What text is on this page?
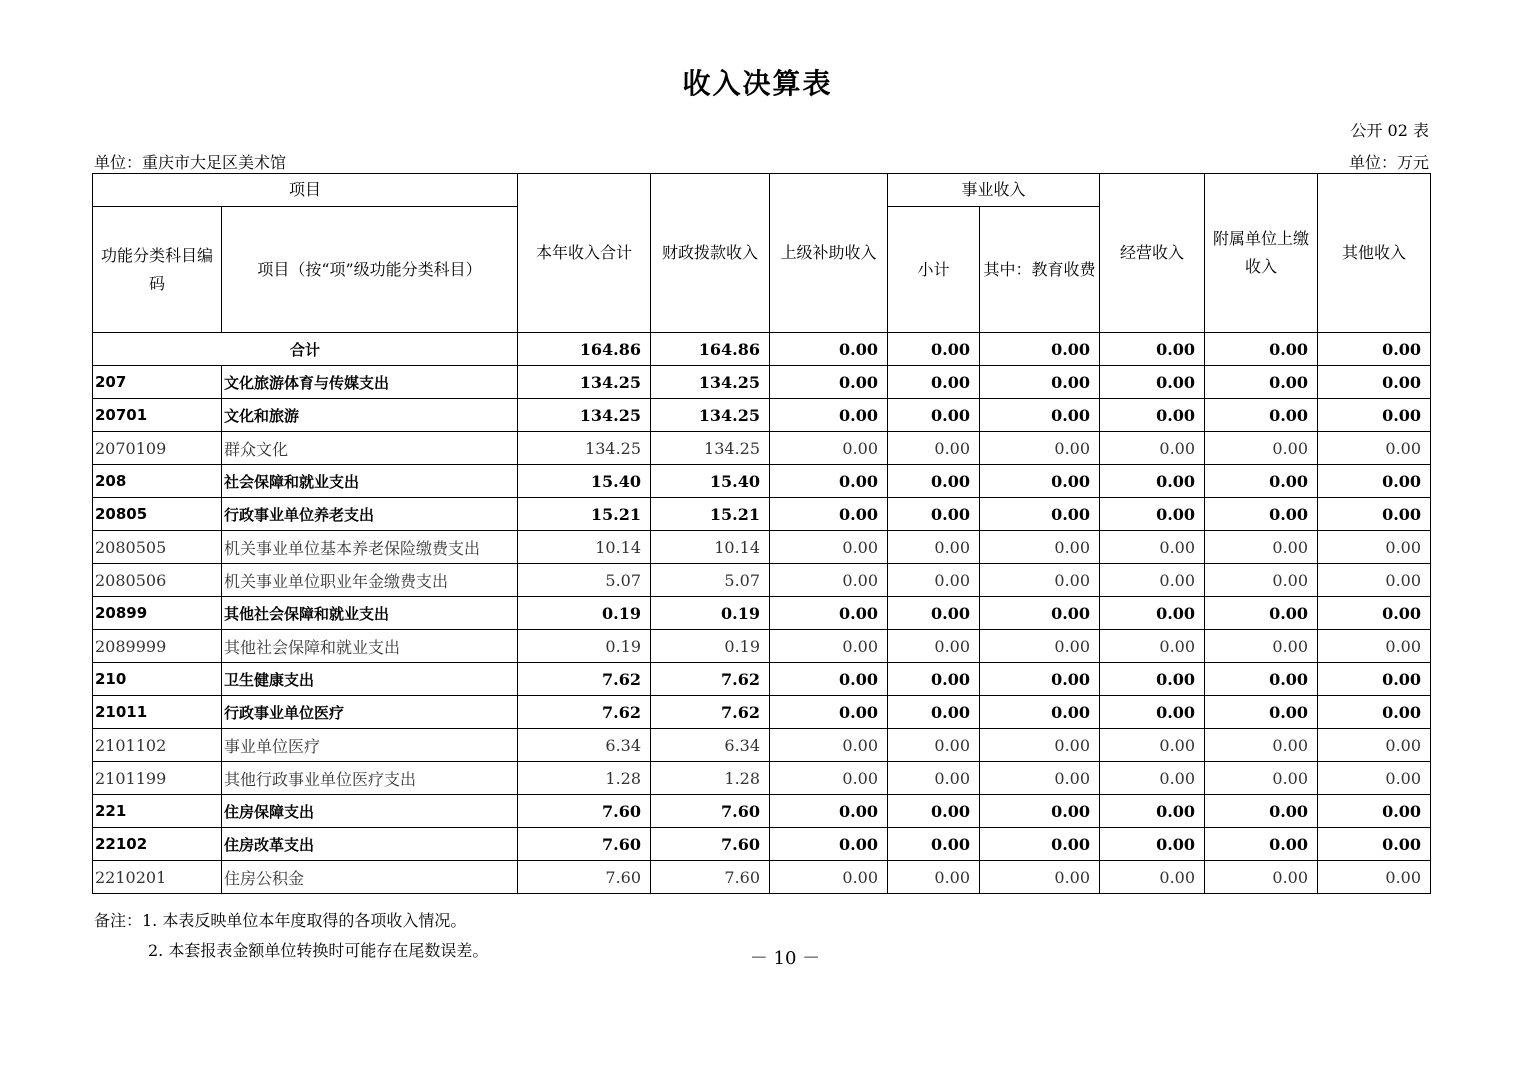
收入决算表
公开 02 表
单位：重庆市大足区美术馆	单位：万元
项目		本年收入合计	财政拨款收入	上级补助收入	事业收入		经营收入	附属单位上缴收入	其他收入
功能分类科目编码	项目（按“项”级功能分类科目）				小计	其中：教育收费			
合计		164.86	164.86	0.00	0.00	0.00	0.00	0.00	0.00
207	文化旅游体育与传媒支出	134.25	134.25	0.00	0.00	0.00	0.00	0.00	0.00
20701	文化和旅游	134.25	134.25	0.00	0.00	0.00	0.00	0.00	0.00
2070109	群众文化	134.25	134.25	0.00	0.00	0.00	0.00	0.00	0.00
208	社会保障和就业支出	15.40	15.40	0.00	0.00	0.00	0.00	0.00	0.00
20805	行政事业单位养老支出	15.21	15.21	0.00	0.00	0.00	0.00	0.00	0.00
2080505	机关事业单位基本养老保险缴费支出	10.14	10.14	0.00	0.00	0.00	0.00	0.00	0.00
2080506	机关事业单位职业年金缴费支出	5.07	5.07	0.00	0.00	0.00	0.00	0.00	0.00
20899	其他社会保障和就业支出	0.19	0.19	0.00	0.00	0.00	0.00	0.00	0.00
2089999	其他社会保障和就业支出	0.19	0.19	0.00	0.00	0.00	0.00	0.00	0.00
210	卫生健康支出	7.62	7.62	0.00	0.00	0.00	0.00	0.00	0.00
21011	行政事业单位医疗	7.62	7.62	0.00	0.00	0.00	0.00	0.00	0.00
2101102	事业单位医疗	6.34	6.34	0.00	0.00	0.00	0.00	0.00	0.00
2101199	其他行政事业单位医疗支出	1.28	1.28	0.00	0.00	0.00	0.00	0.00	0.00
221	住房保障支出	7.60	7.60	0.00	0.00	0.00	0.00	0.00	0.00
22102	住房改革支出	7.60	7.60	0.00	0.00	0.00	0.00	0.00	0.00
2210201	住房公积金	7.60	7.60	0.00	0.00	0.00	0.00	0.00	0.00
备注：1. 本表反映单位本年度取得的各项收入情况。
2. 本套报表金额单位转换时可能存在尾数误差。	－ 10 －
